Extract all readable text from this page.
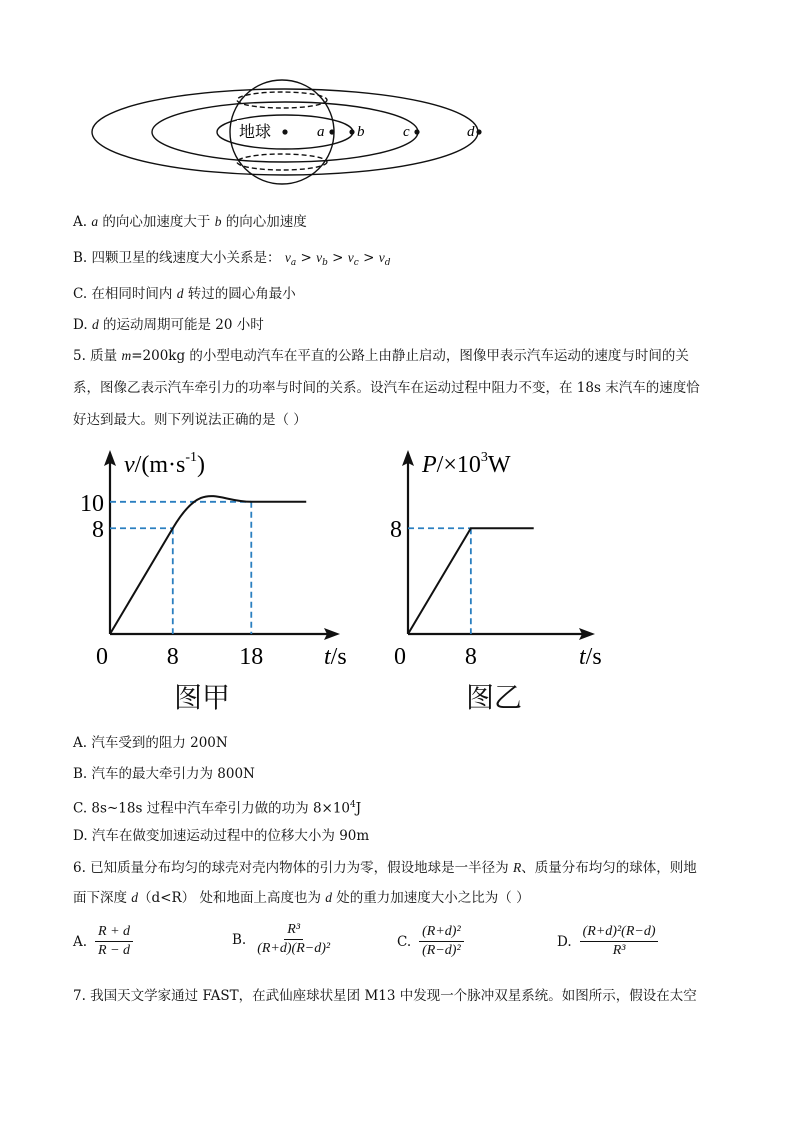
地球	a b	c	d
A. a 的向心加速度大于 b 的向心加速度
B. 四颗卫星的线速度大小关系是： $v_a > v_b > v_c > v_d$
C. 在相同时间内 d 转过的圆心角最小
D. d 的运动周期可能是 20 小时
5. 质量 m=200kg 的小型电动汽车在平直的公路上由静止启动，图像甲表示汽车运动的速度与时间的关
系，图像乙表示汽车牵引力的功率与时间的关系。设汽车在运动过程中阻力不变，在 18s 末汽车的速度恰
好达到最大。则下列说法正确的是（ ）
0 8	18
8
10
t/s
$v/(m\cdot s^{-1})$
图甲
0 8
8
t/s
$P/\times 10^3W$
图乙
A. 汽车受到的阻力 200N
B. 汽车的最大牵引力为 800N
C. 8s~18s 过程中汽车牵引力做的功为 $8\times 10^4J$
D. 汽车在做变加速运动过程中的位移大小为 90m
6. 已知质量分布均匀的球壳对壳内物体的引力为零，假设地球是一半径为 R、质量分布均匀的球体，则地
面下深度 d（d<R） 处和地面上高度也为 d 处的重力加速度大小之比为（ ）
A. $\frac{R + d}{R - d}$	B. $\frac{\text{R³}}{\text{(R+d)(R−d)²}}$	C. $\frac{\text{(R+d)²}}{\text{(R−d)²}}$	D. $\frac{\text{(R+d)²(R−d)}}{\text{R³}}$
7. 我国天文学家通过 FAST，在武仙座球状星团 M13 中发现一个脉冲双星系统。如图所示，假设在太空
